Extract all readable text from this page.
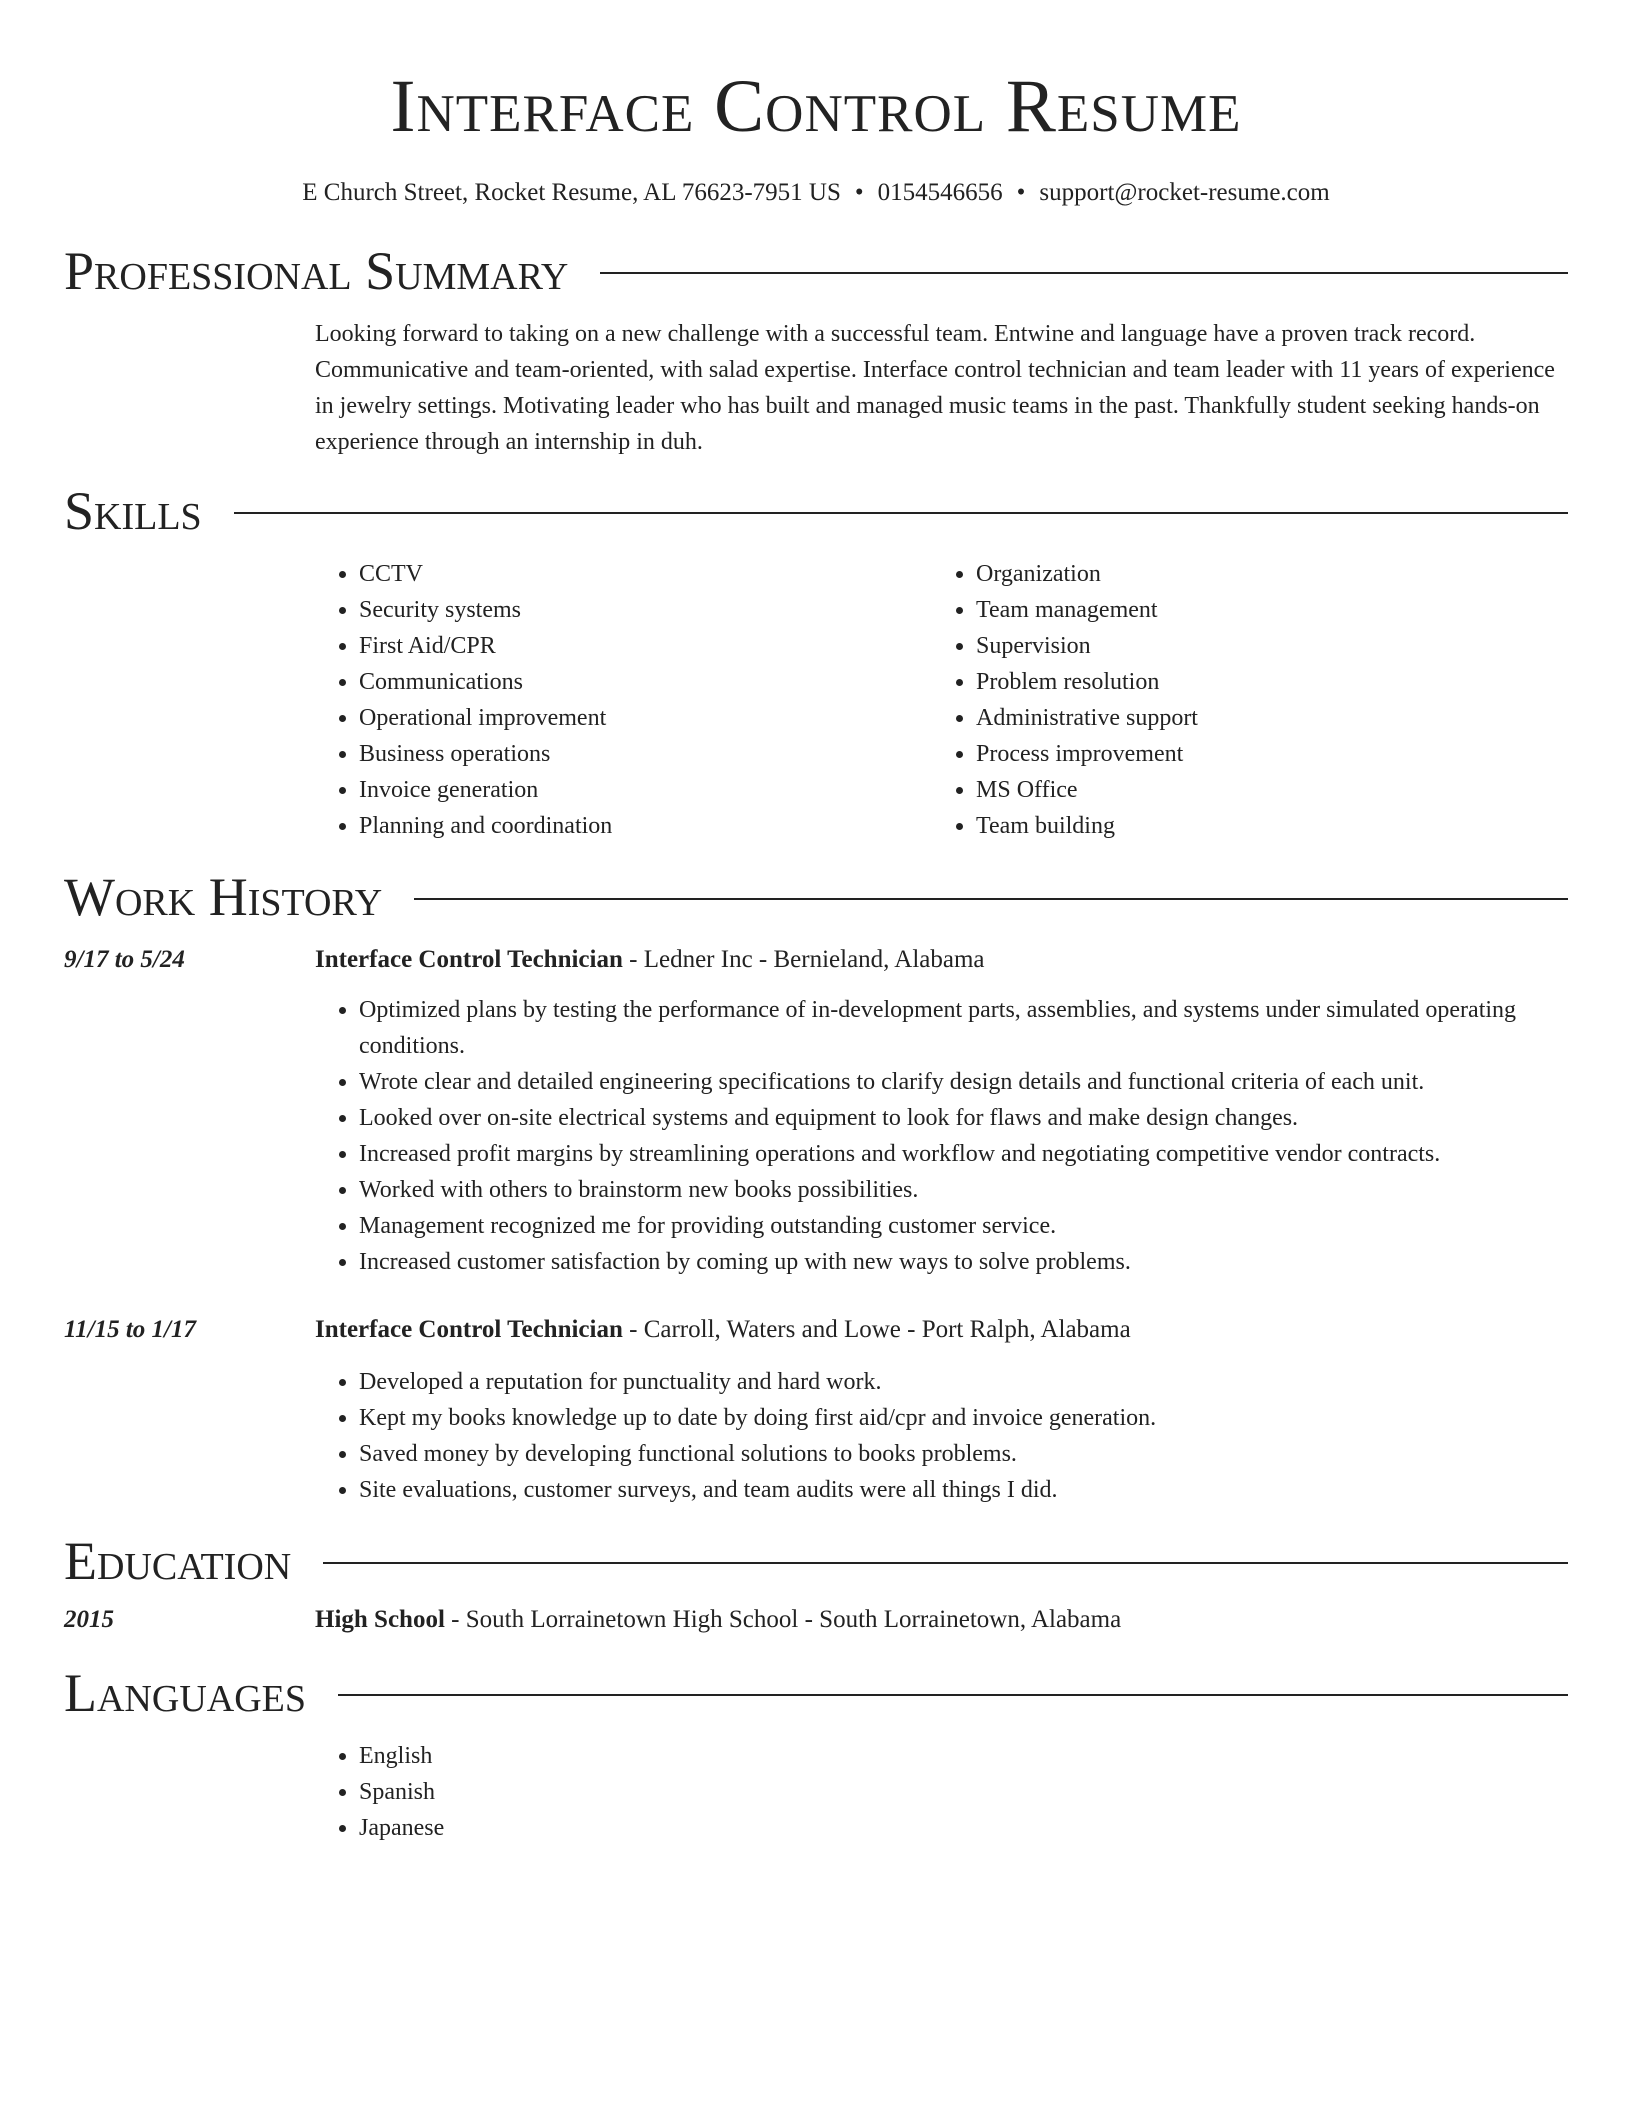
Interface Control Resume
E Church Street, Rocket Resume, AL 76623-7951 US • 0154546656 • support@rocket-resume.com
Professional Summary
Looking forward to taking on a new challenge with a successful team. Entwine and language have a proven track record. Communicative and team-oriented, with salad expertise. Interface control technician and team leader with 11 years of experience in jewelry settings. Motivating leader who has built and managed music teams in the past. Thankfully student seeking hands-on experience through an internship in duh.
Skills
• CCTV
• Security systems
• First Aid/CPR
• Communications
• Operational improvement
• Business operations
• Invoice generation
• Planning and coordination
• Organization
• Team management
• Supervision
• Problem resolution
• Administrative support
• Process improvement
• MS Office
• Team building
Work History
9/17 to 5/24	Interface Control Technician - Ledner Inc - Bernieland, Alabama
• Optimized plans by testing the performance of in-development parts, assemblies, and systems under simulated operating conditions.
• Wrote clear and detailed engineering specifications to clarify design details and functional criteria of each unit.
• Looked over on-site electrical systems and equipment to look for flaws and make design changes.
• Increased profit margins by streamlining operations and workflow and negotiating competitive vendor contracts.
• Worked with others to brainstorm new books possibilities.
• Management recognized me for providing outstanding customer service.
• Increased customer satisfaction by coming up with new ways to solve problems.
11/15 to 1/17	Interface Control Technician - Carroll, Waters and Lowe - Port Ralph, Alabama
• Developed a reputation for punctuality and hard work.
• Kept my books knowledge up to date by doing first aid/cpr and invoice generation.
• Saved money by developing functional solutions to books problems.
• Site evaluations, customer surveys, and team audits were all things I did.
Education
2015	High School - South Lorrainetown High School - South Lorrainetown, Alabama
Languages
• English
• Spanish
• Japanese
